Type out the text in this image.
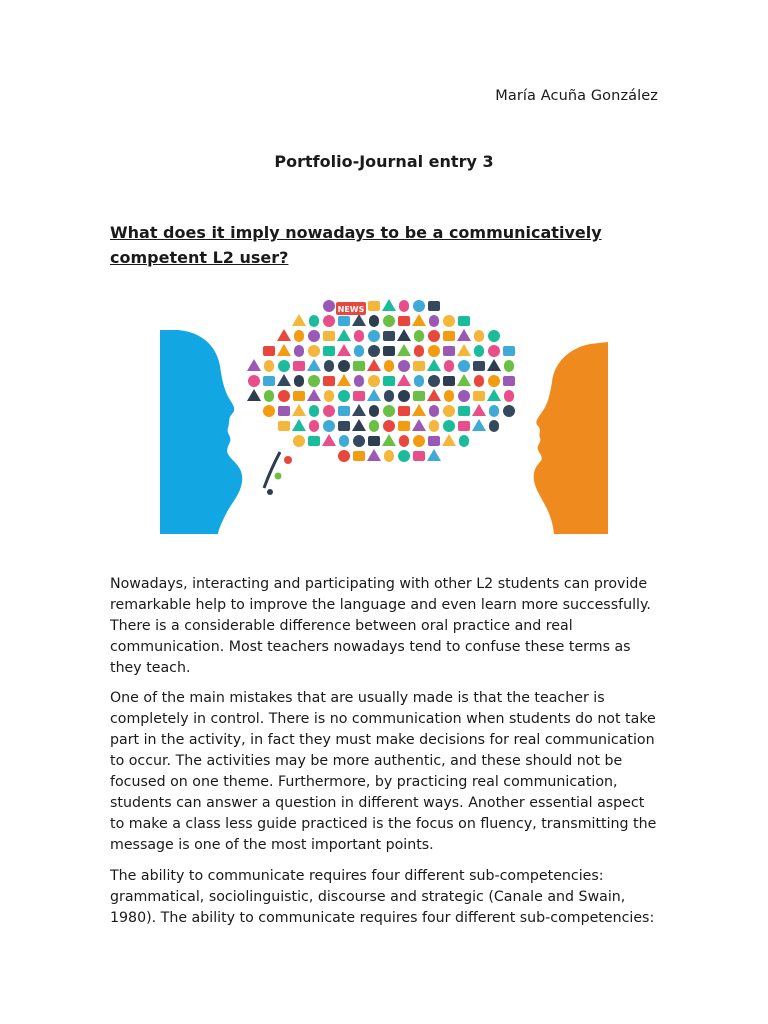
María Acuña González
Portfolio-Journal entry 3
What does it imply nowadays to be a communicatively competent L2 user?
NEWS

Nowadays, interacting and participating with other L2 students can provide remarkable help to improve the language and even learn more successfully. There is a considerable difference between oral practice and real communication. Most teachers nowadays tend to confuse these terms as they teach.

One of the main mistakes that are usually made is that the teacher is completely in control. There is no communication when students do not take part in the activity, in fact they must make decisions for real communication to occur. The activities may be more authentic, and these should not be focused on one theme. Furthermore, by practicing real communication, students can answer a question in different ways. Another essential aspect to make a class less guide practiced is the focus on fluency, transmitting the message is one of the most important points.

The ability to communicate requires four different sub-competencies: grammatical, sociolinguistic, discourse and strategic (Canale and Swain, 1980). The ability to communicate requires four different sub-competencies:
